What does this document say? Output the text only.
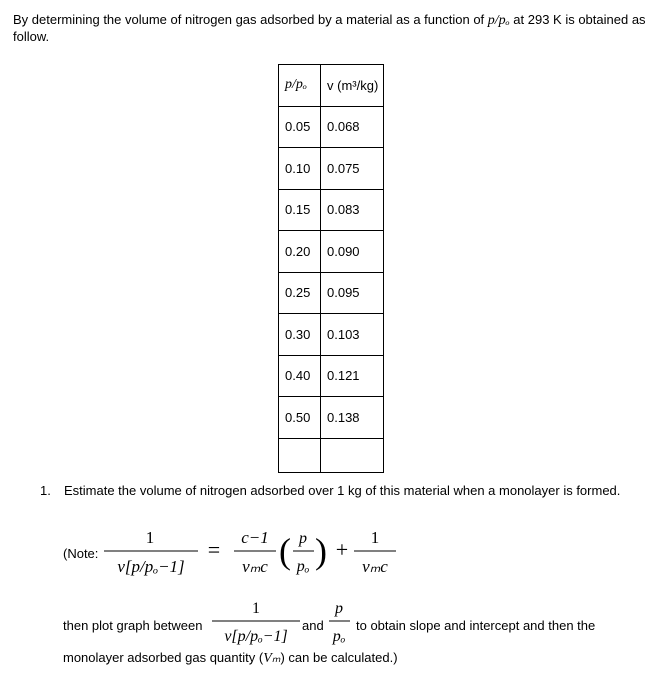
By determining the volume of nitrogen gas adsorbed by a material as a function of p/pₒ at 293 K is obtained as follow.
p/pₒ	v (m³/kg)
0.05	0.068
0.10	0.075
0.15	0.083
0.20	0.090
0.25	0.095
0.30	0.103
0.40	0.121
0.50	0.138

1. Estimate the volume of nitrogen adsorbed over 1 kg of this material when a monolayer is formed.
(Note:
1
v[p/pₒ−1]
= c−1
vₘc ( p
pₒ ) + 1
vₘc
1
v[p/pₒ−1]
p
pₒ
then plot graph between	and to obtain slope and intercept and then the
monolayer adsorbed gas quantity (Vₘ) can be calculated.)
